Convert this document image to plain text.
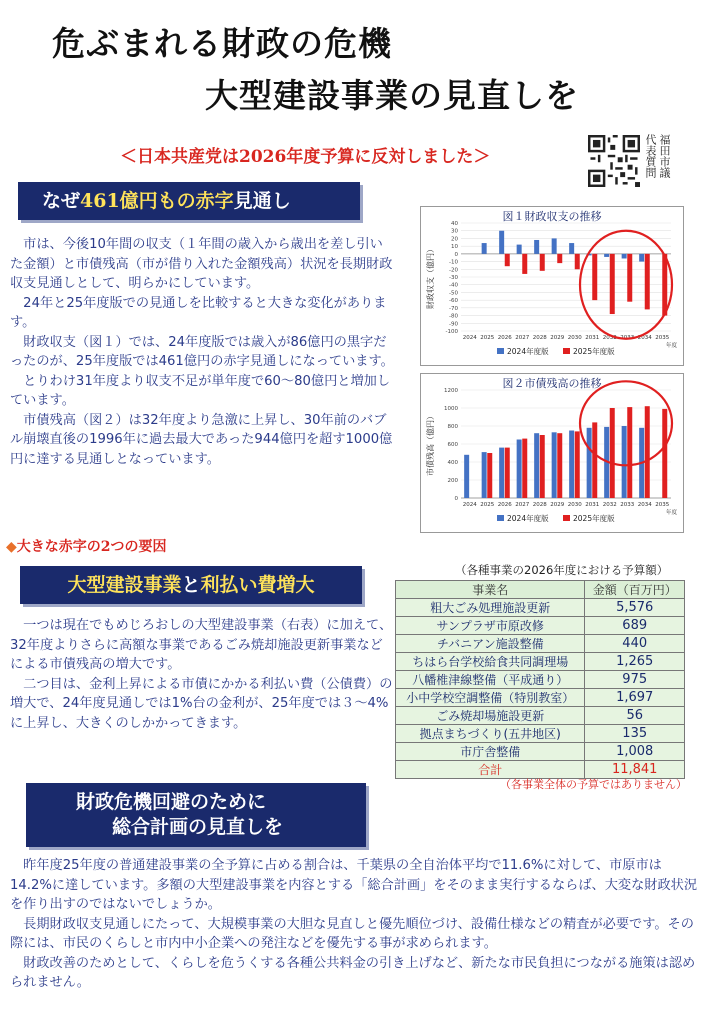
危ぶまれる財政の危機
大型建設事業の見直しを
＜日本共産党は2026年度予算に反対しました＞	福田市議
代表質問
なぜ461億円もの赤字見通し

　市は、今後10年間の収支（１年間の歳入から歳出を差し引いた金額）と市債残高（市が借り入れた金額残高）状況を長期財政収支見通しとして、明らかにしています。

　24年と25年度版での見通しを比較すると大きな変化があります。

　財政収支（図１）では、24年度版では歳入が86億円の黒字だったのが、25年度版では461億円の赤字見通しになっています。

　とりわけ31年度より収支不足が単年度で60～80億円と増加しています。

　市債残高（図２）は32年度より急激に上昇し、30年前のバブル崩壊直後の1996年に過去最大であった944億円を超す1000億円に達する見通しとなっています。

40
30
20
10
0
-10
-20
-30
-40
-50
-60
-70
-80
-90
-100
財政収支（億円）
2024 2025 2026 2027 2028 2029 2030 2031 2032 2033 2034 2035
年度
2024年度版	2025年度版
図１財政収支の推移
1200
1000
800
600
400
200
0
市債残高（億円）
2024 2025 2026 2027 2028 2029 2030 2031 2032 2033 2034 2035
年度
2024年度版	2025年度版
図２市債残高の推移
◆大きな赤字の2つの要因
大型建設事業と利払い費増大

　一つは現在でもめじろおしの大型建設事業（右表）に加えて、32年度よりさらに高額な事業であるごみ焼却施設更新事業などによる市債残高の増大です。

　二つ目は、金利上昇による市債にかかる利払い費（公債費）の増大で、24年度見通しでは1%台の金利が、25年度では３～4%に上昇し、大きくのしかかってきます。

（各種事業の2026年度における予算額）
事業名	金額（百万円）
粗大ごみ処理施設更新	5,576
サンプラザ市原改修	689
チバニアン施設整備	440
ちはら台学校給食共同調理場	1,265
八幡椎津線整備（平成通り）	975
小中学校空調整備（特別教室）	1,697
ごみ焼却場施設更新	56
拠点まちづくり(五井地区)	135
市庁舎整備	1,008
合計	11,841
（各事業全体の予算ではありません）
財政危機回避のために
総合計画の見直しを

　昨年度25年度の普通建設事業の全予算に占める割合は、千葉県の全自治体平均で11.6%に対して、市原市は14.2%に達しています。多額の大型建設事業を内容とする「総合計画」をそのまま実行するならば、大変な財政状況を作り出すのではないでしょうか。

　長期財政収支見通しにたって、大規模事業の大胆な見直しと優先順位づけ、設備仕様などの精査が必要です。その際には、市民のくらしと市内中小企業への発注などを優先する事が求められます。

　財政改善のためとして、くらしを危うくする各種公共料金の引き上げなど、新たな市民負担につながる施策は認められません。
